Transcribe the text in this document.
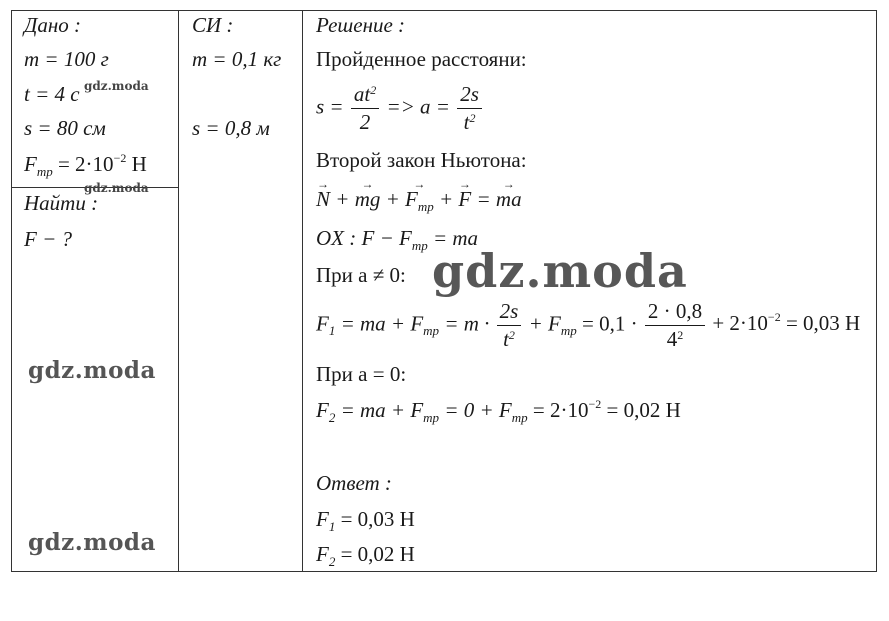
Дано :
m = 100 г
t = 4 с
s = 80 см
$F_{тр} = 2\cdot 10^{-2}$ Н
Найти :
F − ?
СИ :
m = 0,1 кг
s = 0,8 м
Решение :
Пройденное расстояни:
$s = \frac{at^2}{2} => a = \frac{2s}{t^2}$
Второй закон Ньютона:
→ N + → mg + → $F_{тр}$ + → F = → ma
OX : $F - F_{тр}$ = ma
При a ≠ 0:
$F_1$ = ma + $F_{тр} = m \cdot \frac{2s}{t^2} + F_{тр} = 0,1 \cdot \frac{2 \cdot 0,8}{4^2} + 2\cdot 10^{-2} = 0,03$ Н
При a = 0:
$F_2$ = ma + $F_{тр} = 0 + F_{тр} = 2\cdot 10^{-2} = 0,02$ Н
Ответ :
$F_1 = 0,03$ Н
$F_2 = 0,02$ Н
gdz.moda
gdz.moda
gdz.moda
gdz.moda
gdz.moda
